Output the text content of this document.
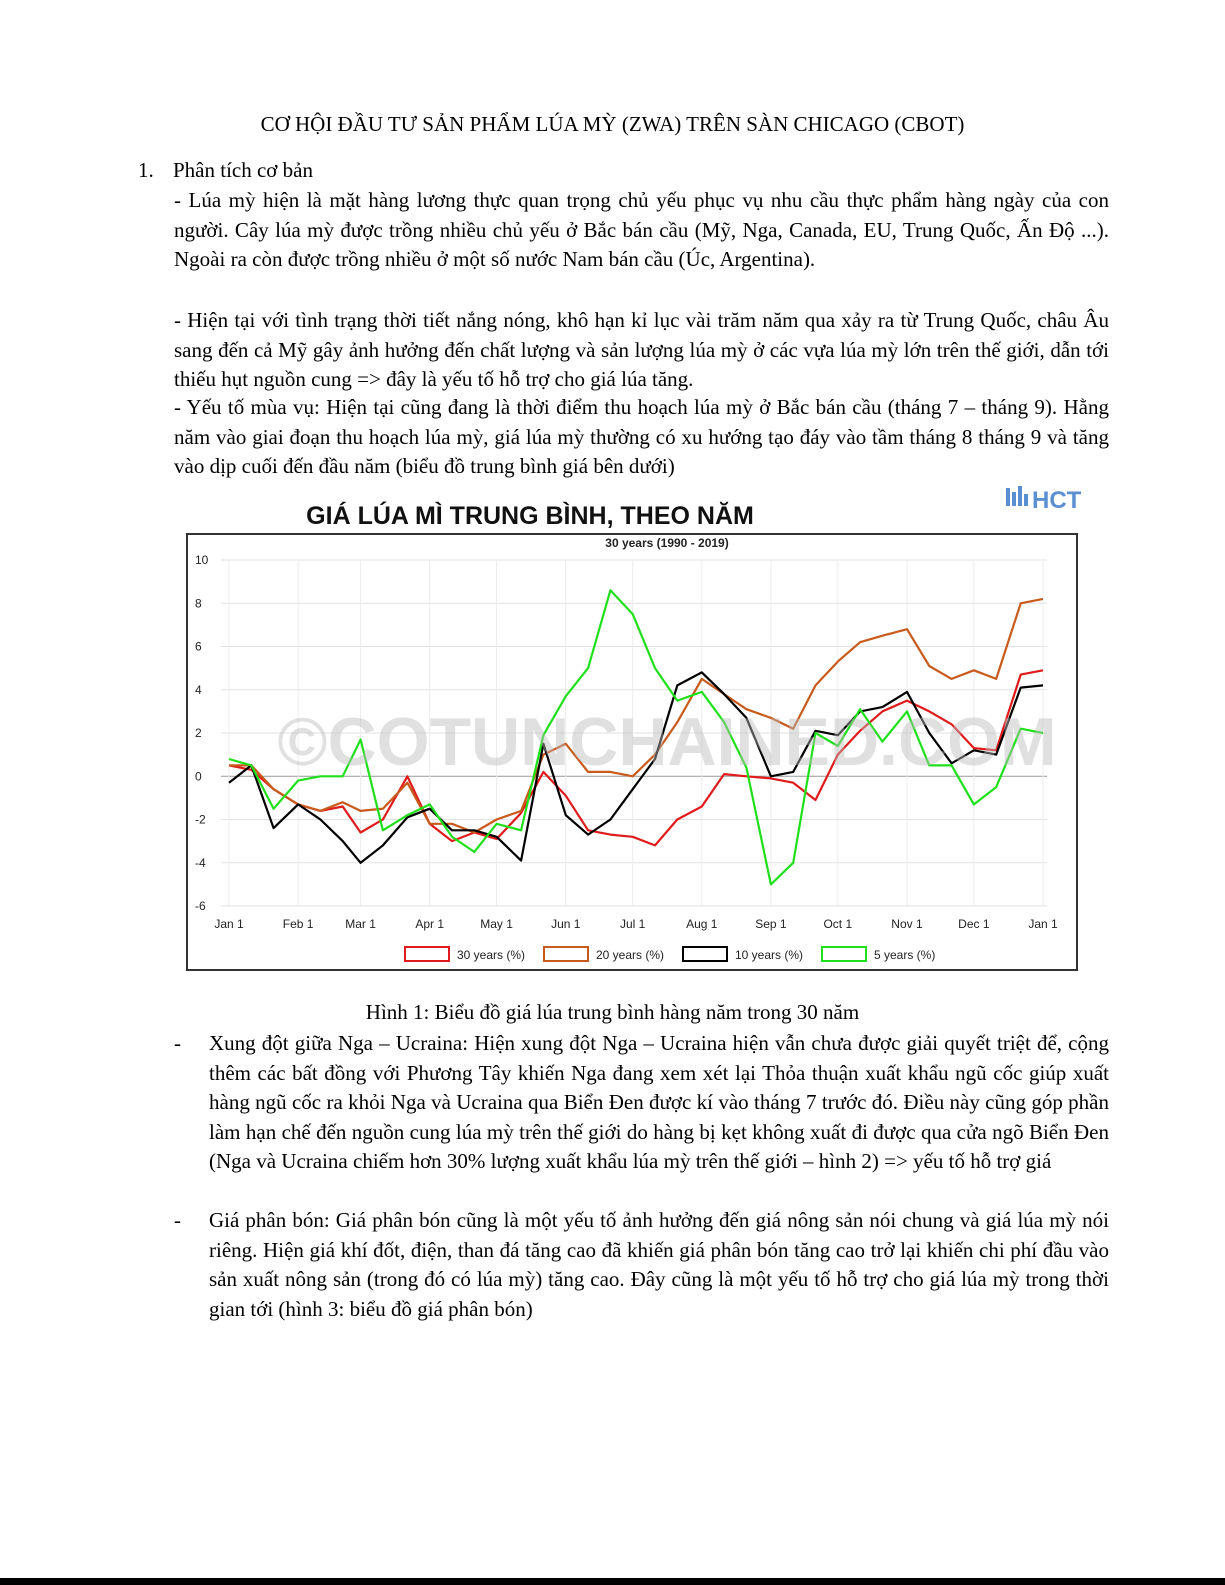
CƠ HỘI ĐẦU TƯ SẢN PHẨM LÚA MỲ (ZWA) TRÊN SÀN CHICAGO (CBOT)
1. Phân tích cơ bản
- Lúa mỳ hiện là mặt hàng lương thực quan trọng chủ yếu phục vụ nhu cầu thực phẩm hàng ngày của con người. Cây lúa mỳ được trồng nhiều chủ yếu ở Bắc bán cầu (Mỹ, Nga, Canada, EU, Trung Quốc, Ấn Độ ...). Ngoài ra còn được trồng nhiều ở một số nước Nam bán cầu (Úc, Argentina).
- Hiện tại với tình trạng thời tiết nắng nóng, khô hạn kỉ lục vài trăm năm qua xảy ra từ Trung Quốc, châu Âu sang đến cả Mỹ gây ảnh hưởng đến chất lượng và sản lượng lúa mỳ ở các vựa lúa mỳ lớn trên thế giới, dẫn tới thiếu hụt nguồn cung => đây là yếu tố hỗ trợ cho giá lúa tăng.
- Yếu tố mùa vụ: Hiện tại cũng đang là thời điểm thu hoạch lúa mỳ ở Bắc bán cầu (tháng 7 – tháng 9). Hằng năm vào giai đoạn thu hoạch lúa mỳ, giá lúa mỳ thường có xu hướng tạo đáy vào tầm tháng 8 tháng 9 và tăng vào dịp cuối đến đầu năm (biểu đồ trung bình giá bên dưới)
GIÁ LÚA MÌ TRUNG BÌNH, THEO NĂM
HCT
30 years (1990 - 2019)
10
8
6
4
2
0
-2
-4
-6
Jan 1	Feb 1	Mar 1	Apr 1	May 1	Jun 1	Jul 1	Aug 1	Sep 1	Oct 1	Nov 1	Dec 1	Jan 1
©COTUNCHAINED.COM
30 years (%)	20 years (%)	10 years (%)	5 years (%)
Hình 1: Biểu đồ giá lúa trung bình hàng năm trong 30 năm
- Xung đột giữa Nga – Ucraina: Hiện xung đột Nga – Ucraina hiện vẫn chưa được giải quyết triệt để, cộng thêm các bất đồng với Phương Tây khiến Nga đang xem xét lại Thỏa thuận xuất khẩu ngũ cốc giúp xuất hàng ngũ cốc ra khỏi Nga và Ucraina qua Biển Đen được kí vào tháng 7 trước đó. Điều này cũng góp phần làm hạn chế đến nguồn cung lúa mỳ trên thế giới do hàng bị kẹt không xuất đi được qua cửa ngõ Biển Đen (Nga và Ucraina chiếm hơn 30% lượng xuất khẩu lúa mỳ trên thế giới – hình 2) => yếu tố hỗ trợ giá
- Giá phân bón: Giá phân bón cũng là một yếu tố ảnh hưởng đến giá nông sản nói chung và giá lúa mỳ nói riêng. Hiện giá khí đốt, điện, than đá tăng cao đã khiến giá phân bón tăng cao trở lại khiến chi phí đầu vào sản xuất nông sản (trong đó có lúa mỳ) tăng cao. Đây cũng là một yếu tố hỗ trợ cho giá lúa mỳ trong thời gian tới (hình 3: biểu đồ giá phân bón)
